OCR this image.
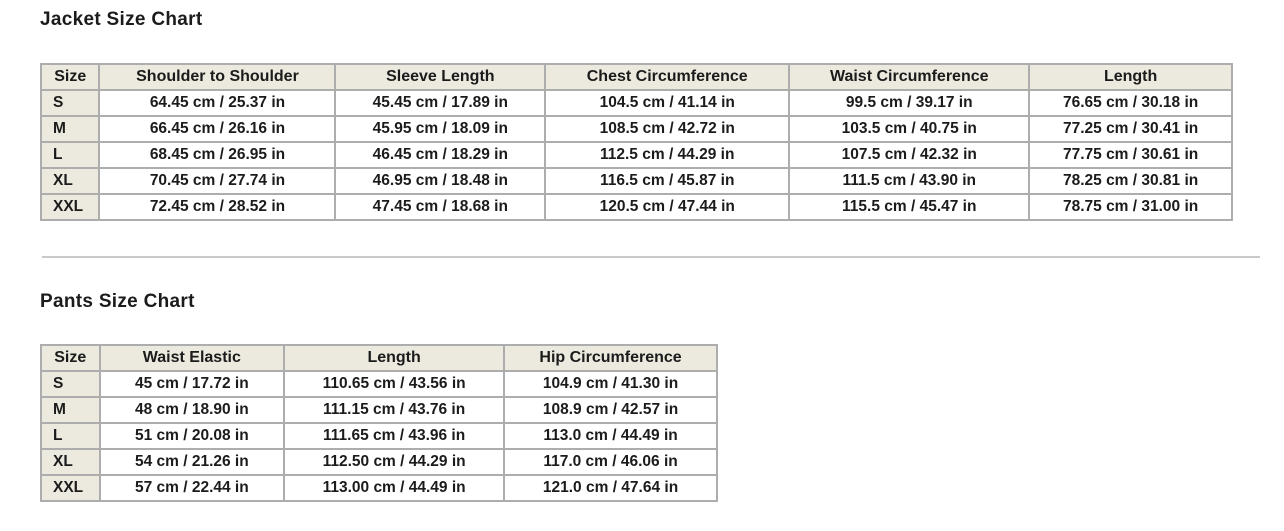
Jacket Size Chart
Size	Shoulder to Shoulder	Sleeve Length	Chest Circumference	Waist Circumference	Length
S	64.45 cm / 25.37 in	45.45 cm / 17.89 in	104.5 cm / 41.14 in	99.5 cm / 39.17 in	76.65 cm / 30.18 in
M	66.45 cm / 26.16 in	45.95 cm / 18.09 in	108.5 cm / 42.72 in	103.5 cm / 40.75 in	77.25 cm / 30.41 in
L	68.45 cm / 26.95 in	46.45 cm / 18.29 in	112.5 cm / 44.29 in	107.5 cm / 42.32 in	77.75 cm / 30.61 in
XL	70.45 cm / 27.74 in	46.95 cm / 18.48 in	116.5 cm / 45.87 in	111.5 cm / 43.90 in	78.25 cm / 30.81 in
XXL	72.45 cm / 28.52 in	47.45 cm / 18.68 in	120.5 cm / 47.44 in	115.5 cm / 45.47 in	78.75 cm / 31.00 in
Pants Size Chart
Size	Waist Elastic	Length	Hip Circumference
S	45 cm / 17.72 in	110.65 cm / 43.56 in	104.9 cm / 41.30 in
M	48 cm / 18.90 in	111.15 cm / 43.76 in	108.9 cm / 42.57 in
L	51 cm / 20.08 in	111.65 cm / 43.96 in	113.0 cm / 44.49 in
XL	54 cm / 21.26 in	112.50 cm / 44.29 in	117.0 cm / 46.06 in
XXL	57 cm / 22.44 in	113.00 cm / 44.49 in	121.0 cm / 47.64 in
